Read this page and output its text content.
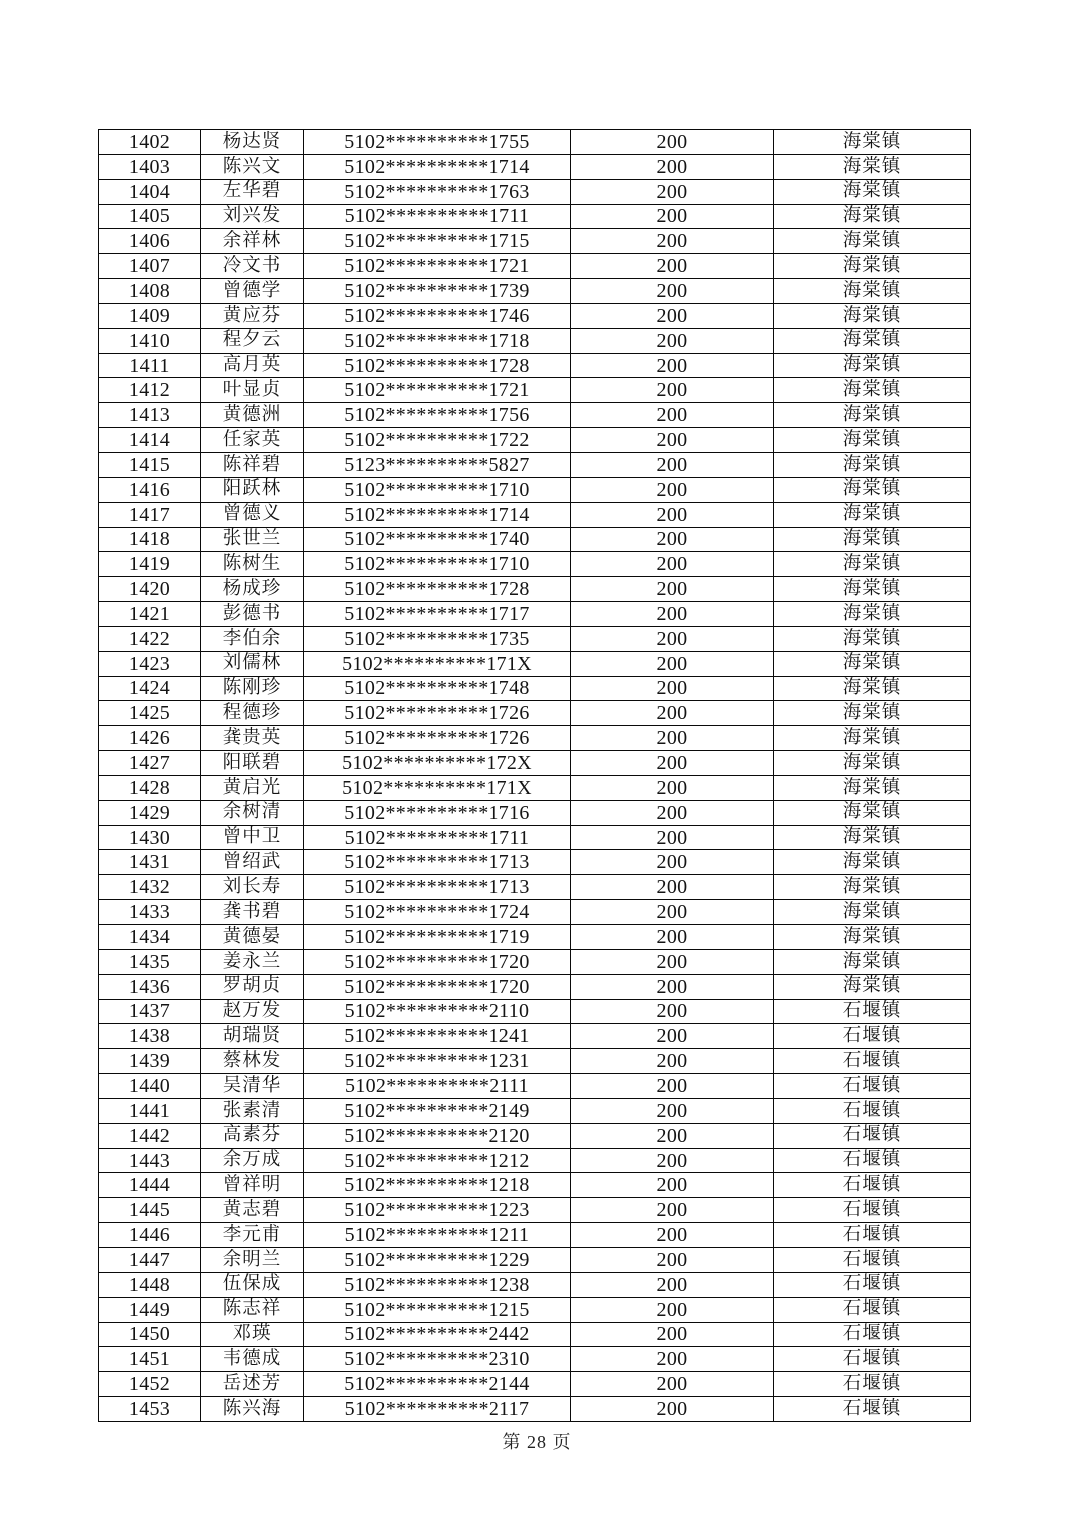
1402	杨达贤	5102**********1755	200	海棠镇
1403	陈兴文	5102**********1714	200	海棠镇
1404	左华碧	5102**********1763	200	海棠镇
1405	刘兴发	5102**********1711	200	海棠镇
1406	余祥林	5102**********1715	200	海棠镇
1407	冷文书	5102**********1721	200	海棠镇
1408	曾德学	5102**********1739	200	海棠镇
1409	黄应芬	5102**********1746	200	海棠镇
1410	程夕云	5102**********1718	200	海棠镇
1411	高月英	5102**********1728	200	海棠镇
1412	叶显贞	5102**********1721	200	海棠镇
1413	黄德洲	5102**********1756	200	海棠镇
1414	任家英	5102**********1722	200	海棠镇
1415	陈祥碧	5123**********5827	200	海棠镇
1416	阳跃林	5102**********1710	200	海棠镇
1417	曾德义	5102**********1714	200	海棠镇
1418	张世兰	5102**********1740	200	海棠镇
1419	陈树生	5102**********1710	200	海棠镇
1420	杨成珍	5102**********1728	200	海棠镇
1421	彭德书	5102**********1717	200	海棠镇
1422	李伯余	5102**********1735	200	海棠镇
1423	刘儒林	5102**********171X	200	海棠镇
1424	陈刚珍	5102**********1748	200	海棠镇
1425	程德珍	5102**********1726	200	海棠镇
1426	龚贵英	5102**********1726	200	海棠镇
1427	阳联碧	5102**********172X	200	海棠镇
1428	黄启光	5102**********171X	200	海棠镇
1429	余树清	5102**********1716	200	海棠镇
1430	曾中卫	5102**********1711	200	海棠镇
1431	曾绍武	5102**********1713	200	海棠镇
1432	刘长寿	5102**********1713	200	海棠镇
1433	龚书碧	5102**********1724	200	海棠镇
1434	黄德晏	5102**********1719	200	海棠镇
1435	姜永兰	5102**********1720	200	海棠镇
1436	罗胡贞	5102**********1720	200	海棠镇
1437	赵万发	5102**********2110	200	石堰镇
1438	胡瑞贤	5102**********1241	200	石堰镇
1439	蔡林发	5102**********1231	200	石堰镇
1440	吴清华	5102**********2111	200	石堰镇
1441	张素清	5102**********2149	200	石堰镇
1442	高素芬	5102**********2120	200	石堰镇
1443	余万成	5102**********1212	200	石堰镇
1444	曾祥明	5102**********1218	200	石堰镇
1445	黄志碧	5102**********1223	200	石堰镇
1446	李元甫	5102**********1211	200	石堰镇
1447	余明兰	5102**********1229	200	石堰镇
1448	伍保成	5102**********1238	200	石堰镇
1449	陈志祥	5102**********1215	200	石堰镇
1450	邓瑛	5102**********2442	200	石堰镇
1451	韦德成	5102**********2310	200	石堰镇
1452	岳述芳	5102**********2144	200	石堰镇
1453	陈兴海	5102**********2117	200	石堰镇
第 28 页
